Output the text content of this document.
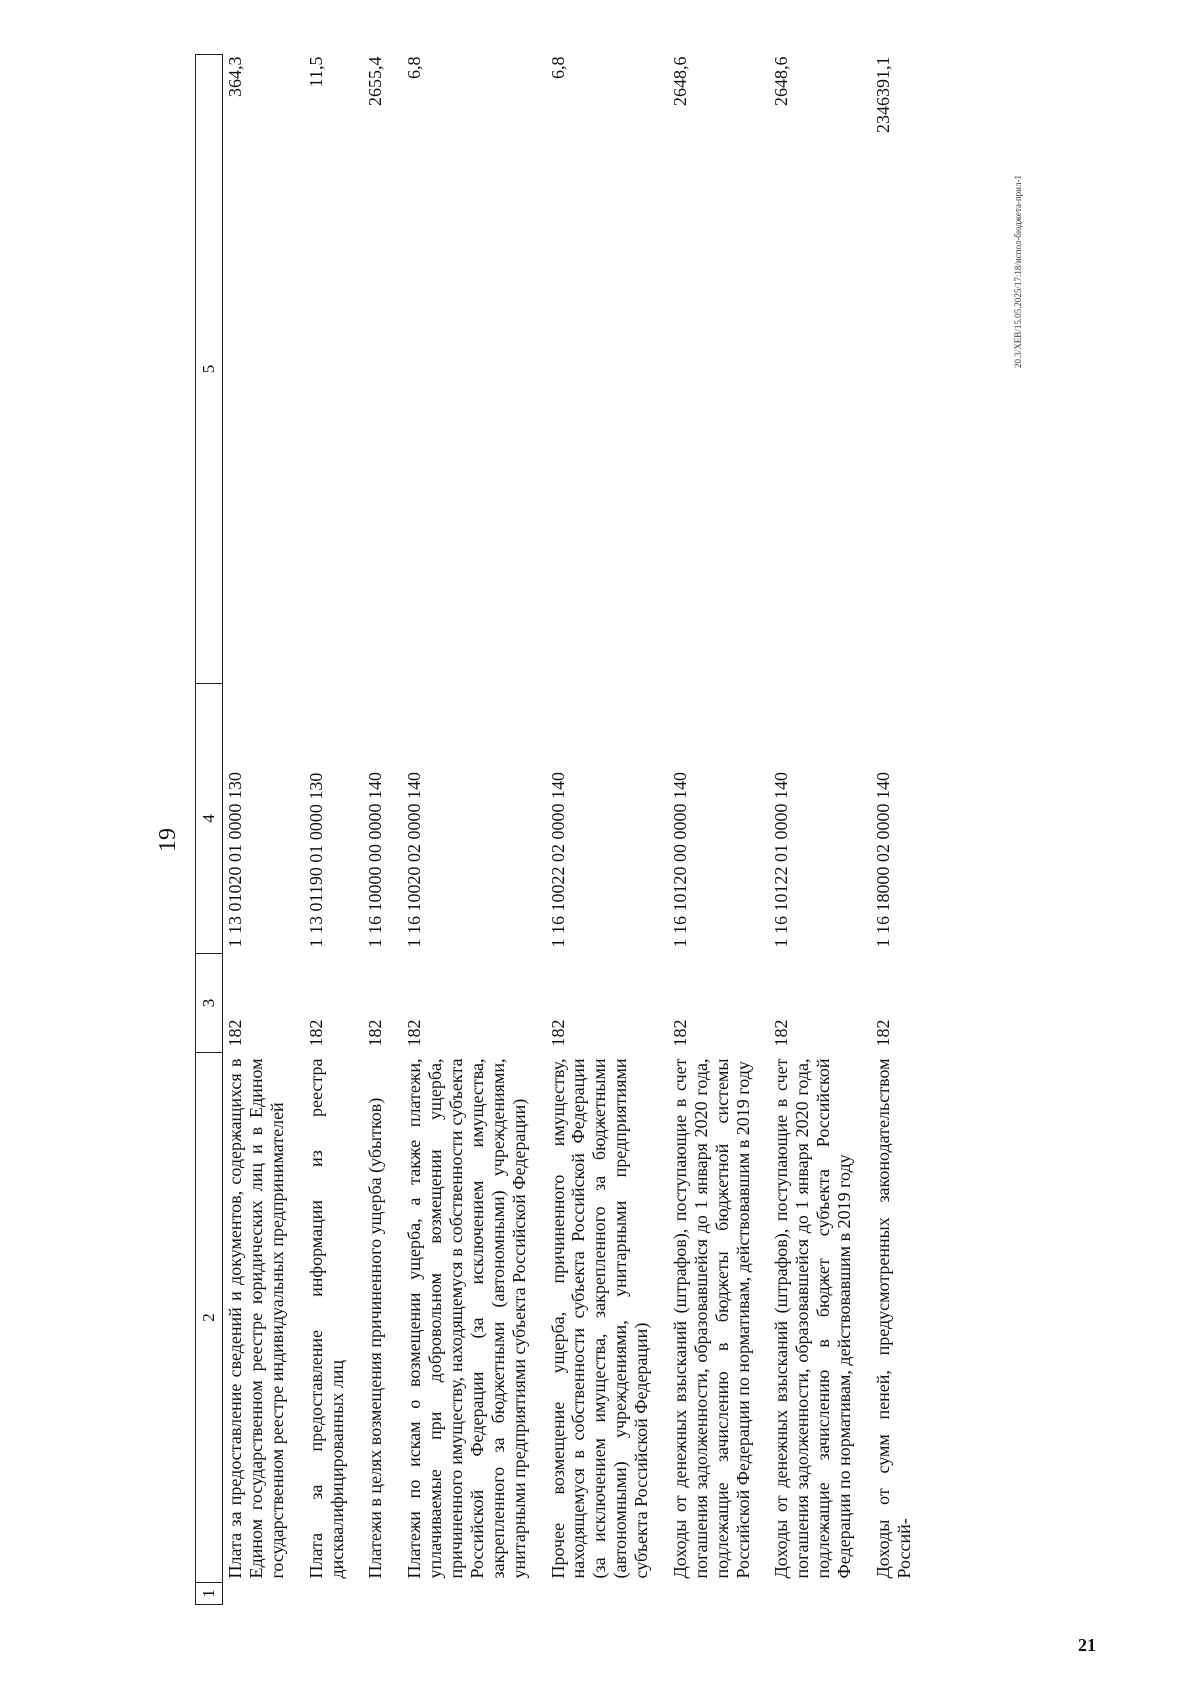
19
20.3/ХЕВ/15.05.2025/17:18/испол-бюджета-прил-1
1	2	3	4	5
	Плата за предоставление сведений и документов, содержащихся в Едином государственном реестре юридических лиц и в Едином государственном реестре индивидуальных предпринимателей	182	1 13 01020 01 0000 130	364,3
	Плата за предоставление информации из реестра дисквалифицированных лиц	182	1 13 01190 01 0000 130	11,5
	Платежи в целях возмещения причиненного ущерба (убытков)	182	1 16 10000 00 0000 140	2655,4
	Платежи по искам о возмещении ущерба, а также платежи, уплачиваемые при добровольном возмещении ущерба, причиненного имуществу, находящемуся в собственности субъекта Российской Федерации (за исключением имущества, закрепленного за бюджетными (автономными) учреждениями, унитарными предприятиями субъекта Российской Федерации)	182	1 16 10020 02 0000 140	6,8
	Прочее возмещение ущерба, причиненного имуществу, находящемуся в собственности субъекта Российской Федерации (за исключением имущества, закрепленного за бюджетными (автономными) учреждениями, унитарными предприятиями субъекта Российской Федерации)	182	1 16 10022 02 0000 140	6,8
	Доходы от денежных взысканий (штрафов), поступающие в счет погашения задолженности, образовавшейся до 1 января 2020 года, подлежащие зачислению в бюджеты бюджетной системы Российской Федерации по нормативам, действовавшим в 2019 году	182	1 16 10120 00 0000 140	2648,6
	Доходы от денежных взысканий (штрафов), поступающие в счет погашения задолженности, образовавшейся до 1 января 2020 года, подлежащие зачислению в бюджет субъекта Российской Федерации по нормативам, действовавшим в 2019 году	182	1 16 10122 01 0000 140	2648,6
	Доходы от сумм пеней, предусмотренных законодательством Россий-	182	1 16 18000 02 0000 140	2346391,1
21
